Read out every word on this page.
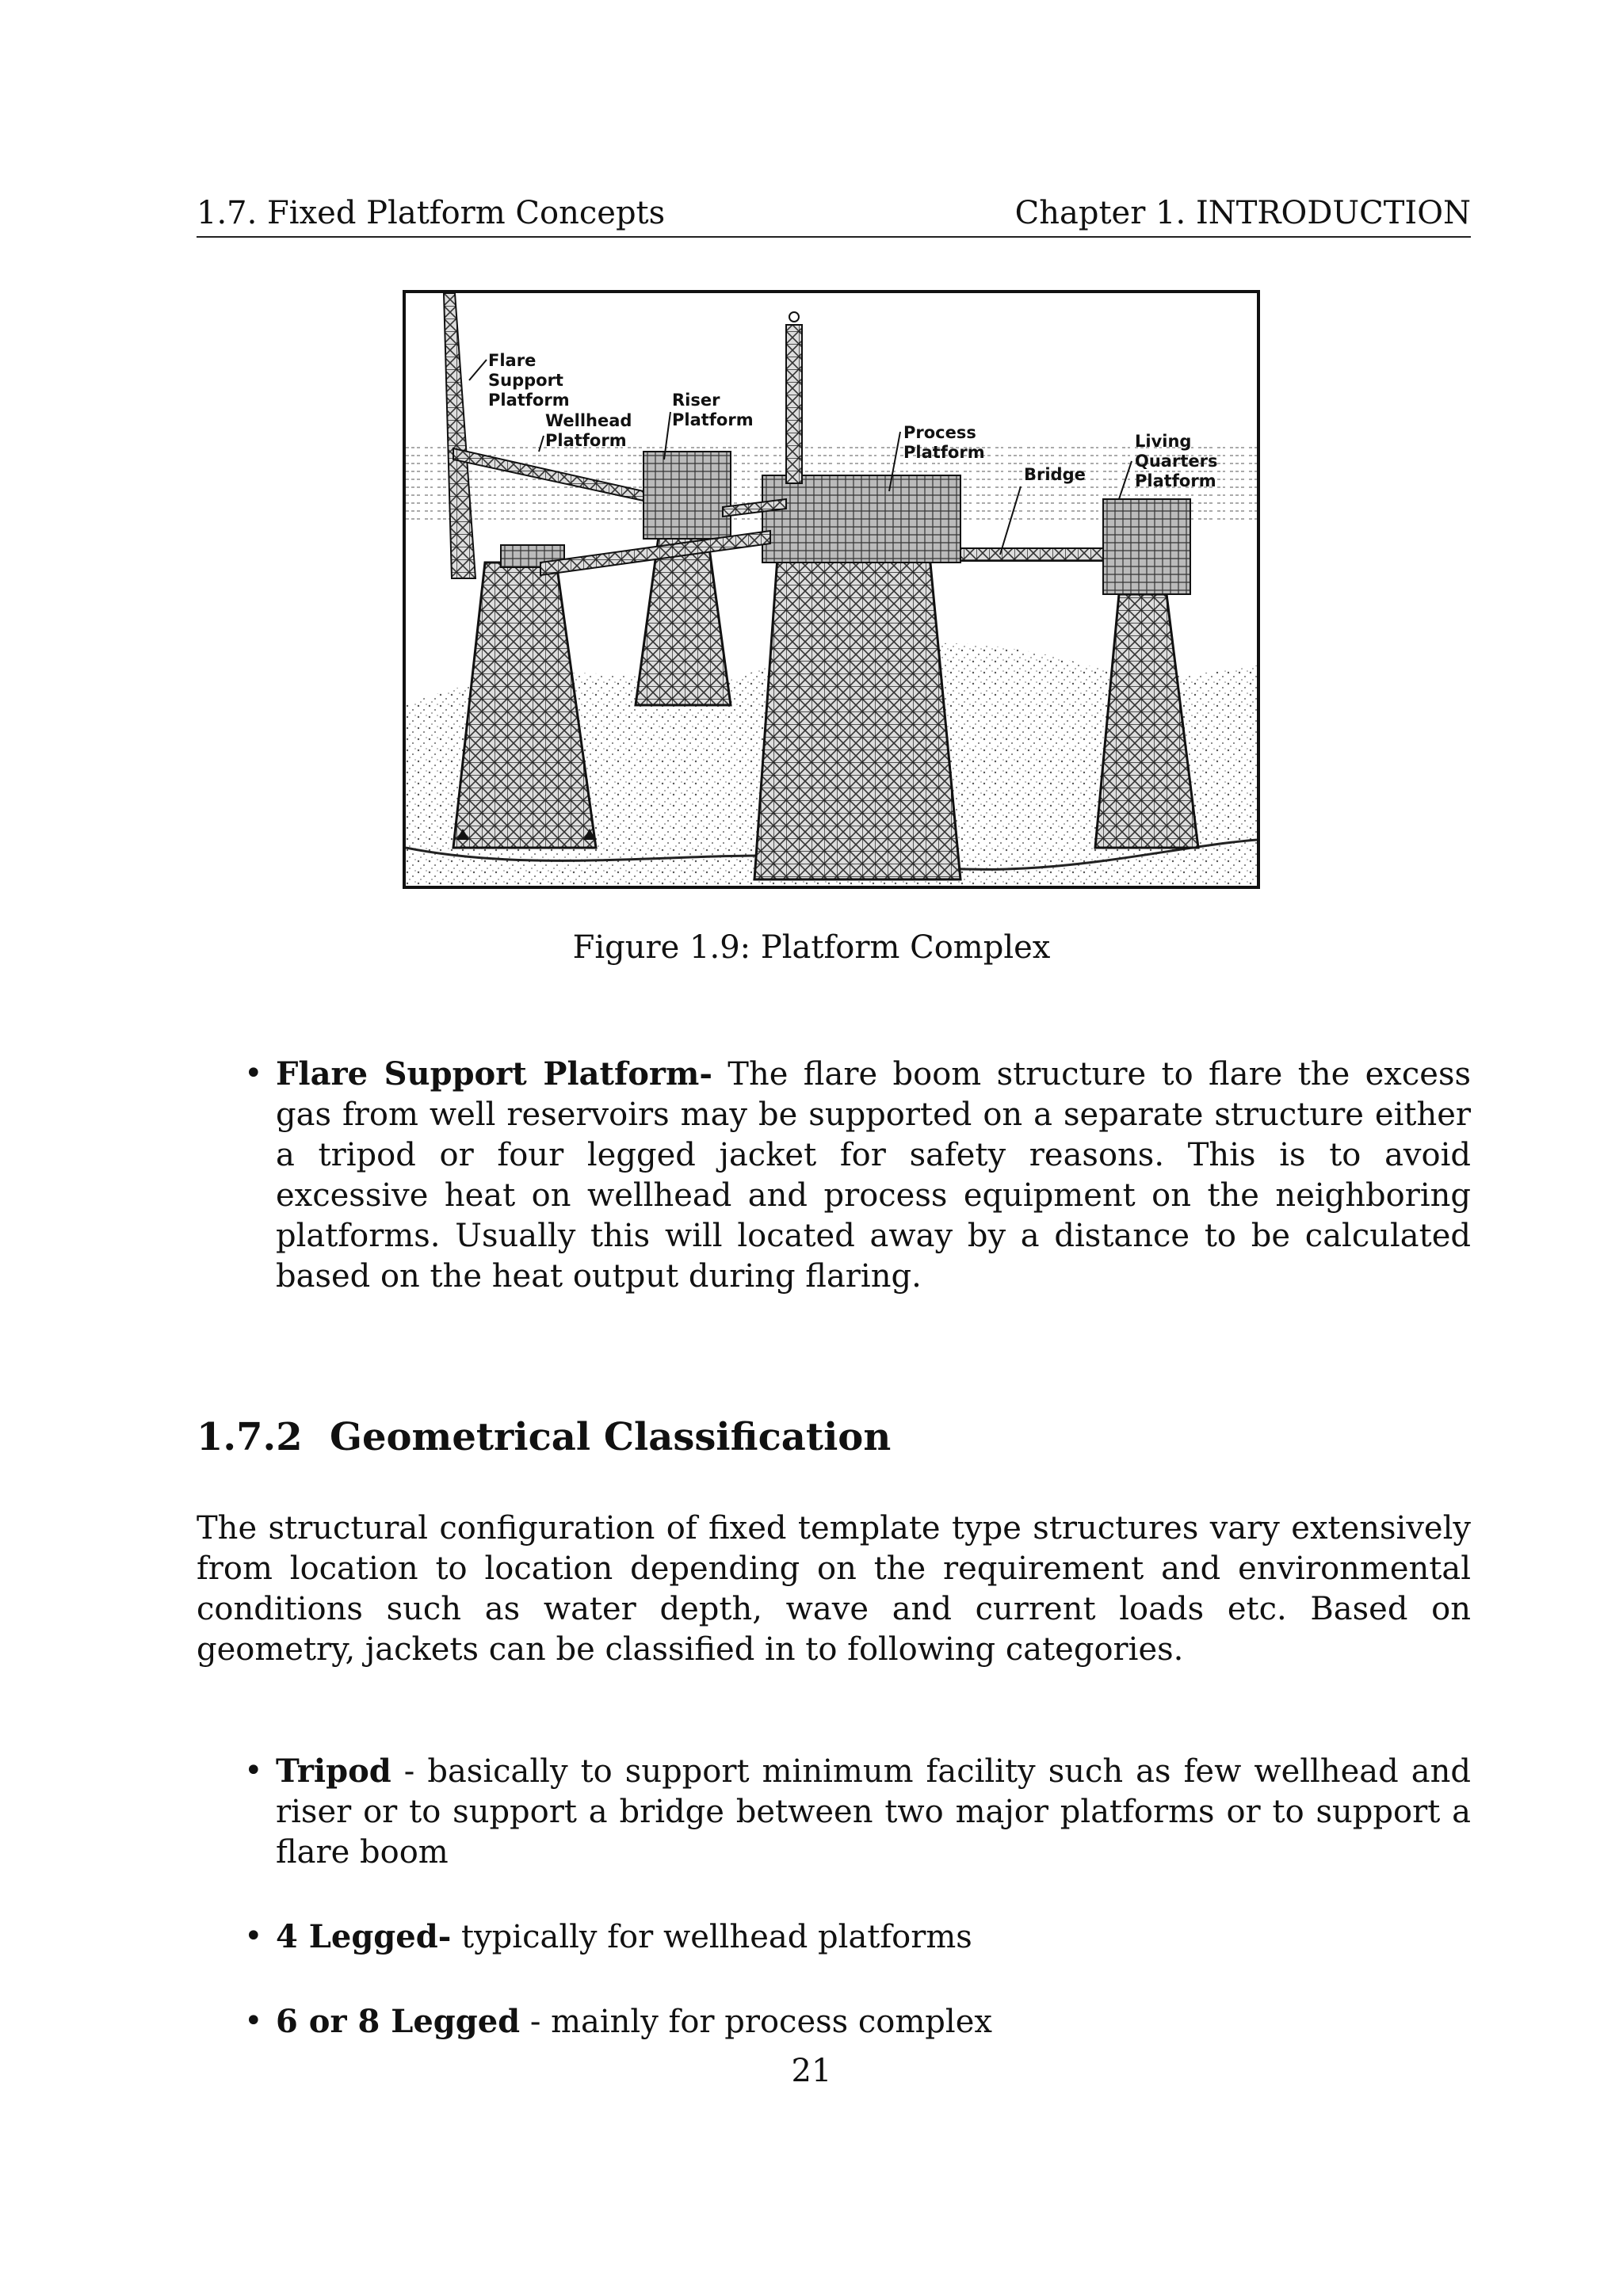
1.7. Fixed Platform Concepts	Chapter 1. INTRODUCTION
Flare
Support
Platform
Wellhead
Platform
Riser
Platform
Process
Platform
Bridge
Living
Quarters
Platform
Figure 1.9: Platform Complex
• Flare Support Platform- The flare boom structure to flare the excess gas from well reservoirs may be supported on a separate structure either a tripod or four legged jacket for safety reasons. This is to avoid excessive heat on wellhead and process equipment on the neighboring platforms. Usually this will located away by a distance to be calculated based on the heat output during flaring.
1.7.2 Geometrical Classification

The structural configuration of fixed template type structures vary extensively from location to location depending on the requirement and environmental conditions such as water depth, wave and current loads etc. Based on geometry, jackets can be classified in to following categories.

• Tripod - basically to support minimum facility such as few wellhead and riser or to support a bridge between two major platforms or to support a flare boom
• 4 Legged- typically for wellhead platforms
• 6 or 8 Legged - mainly for process complex
21
